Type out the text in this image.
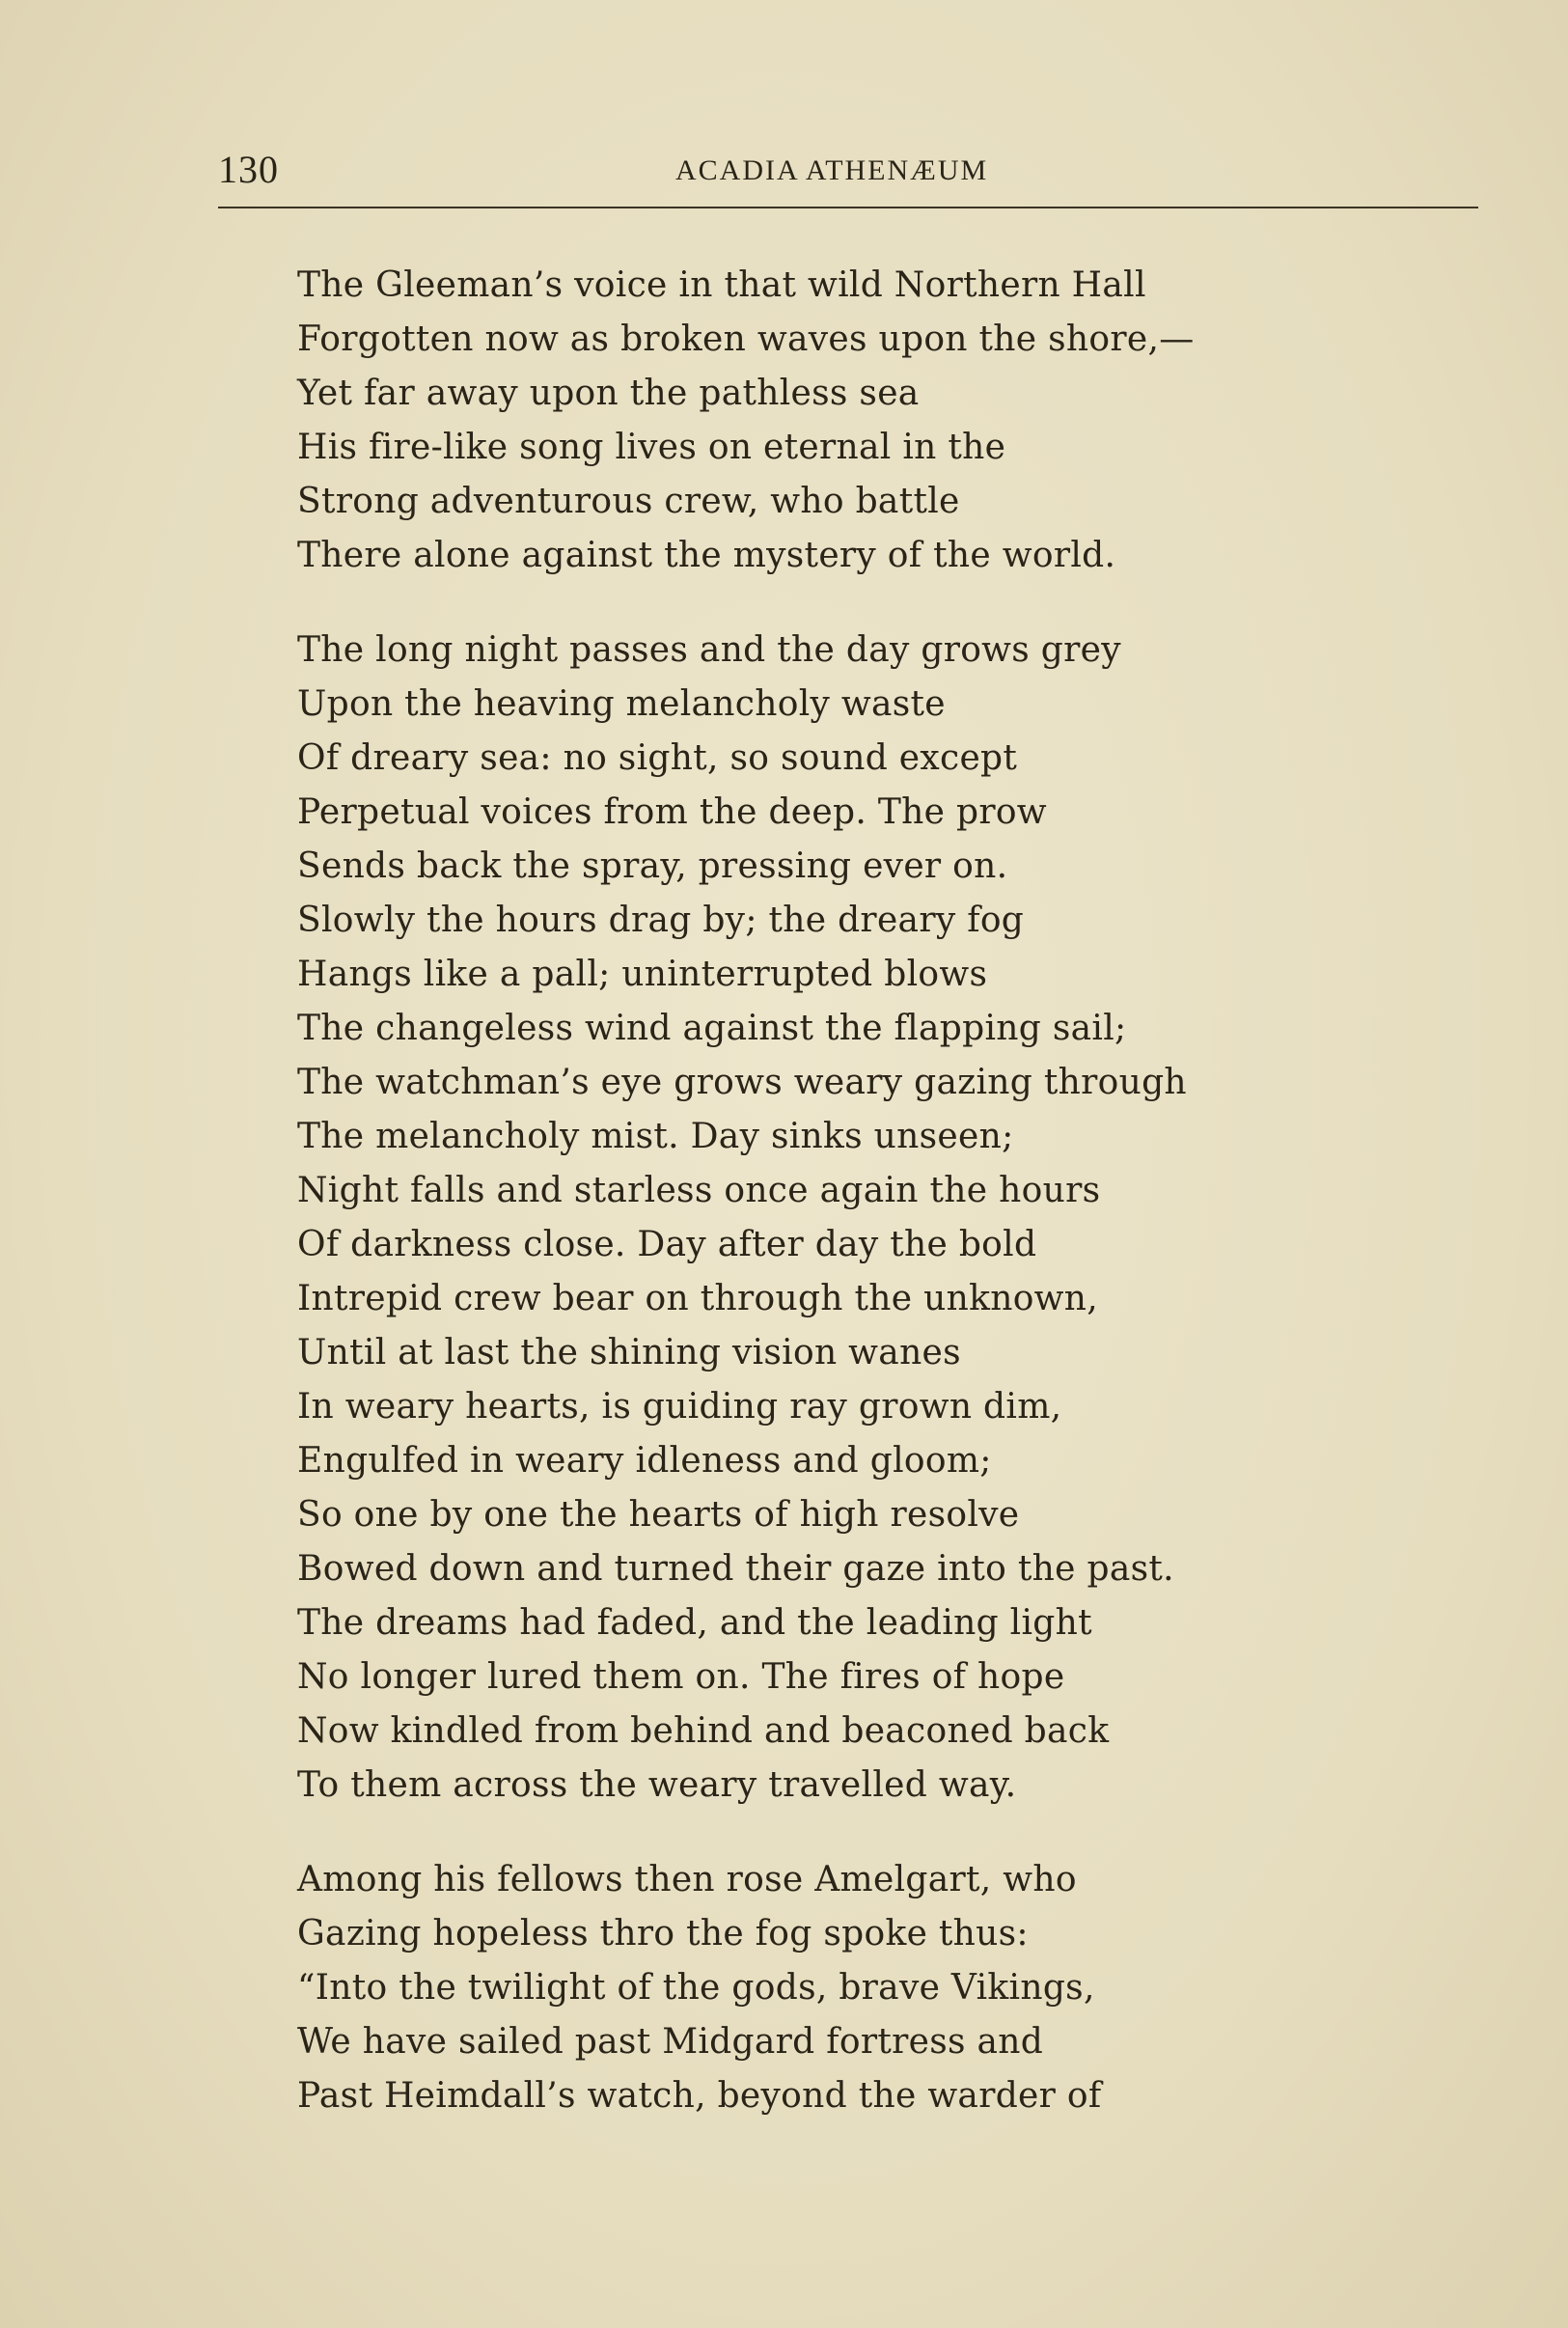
130	ACADIA ATHENÆUM
The Gleeman’s voice in that wild Northern Hall
Forgotten now as broken waves upon the shore,—
Yet far away upon the pathless sea
His fire-like song lives on eternal in the
Strong adventurous crew, who battle
There alone against the mystery of the world.
The long night passes and the day grows grey
Upon the heaving melancholy waste
Of dreary sea: no sight, so sound except
Perpetual voices from the deep. The prow
Sends back the spray, pressing ever on.
Slowly the hours drag by; the dreary fog
Hangs like a pall; uninterrupted blows
The changeless wind against the flapping sail;
The watchman’s eye grows weary gazing through
The melancholy mist. Day sinks unseen;
Night falls and starless once again the hours
Of darkness close. Day after day the bold
Intrepid crew bear on through the unknown,
Until at last the shining vision wanes
In weary hearts, is guiding ray grown dim,
Engulfed in weary idleness and gloom;
So one by one the hearts of high resolve
Bowed down and turned their gaze into the past.
The dreams had faded, and the leading light
No longer lured them on. The fires of hope
Now kindled from behind and beaconed back
To them across the weary travelled way.
Among his fellows then rose Amelgart, who
Gazing hopeless thro the fog spoke thus:
“Into the twilight of the gods, brave Vikings,
We have sailed past Midgard fortress and
Past Heimdall’s watch, beyond the warder of
